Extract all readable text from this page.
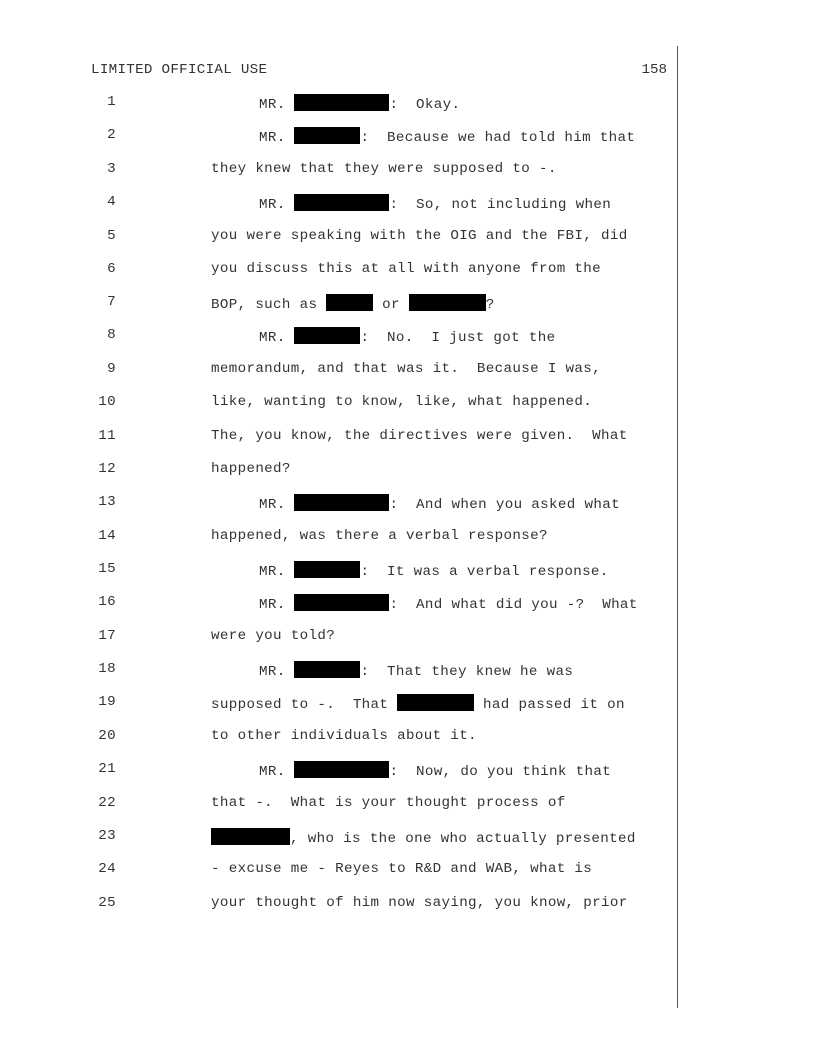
LIMITED OFFICIAL USE	158
1	MR.	:  Okay.
2	MR.	:  Because we had told him that
3	they knew that they were supposed to -.
4	MR.	:  So, not including when
5	you were speaking with the OIG and the FBI, did
6	you discuss this at all with anyone from the
7	BOP, such as	or	?
8	MR.	:  No.  I just got the
9	memorandum, and that was it.  Because I was,
10	like, wanting to know, like, what happened.
11	The, you know, the directives were given.  What
12	happened?
13	MR.	:  And when you asked what
14	happened, was there a verbal response?
15	MR.	:  It was a verbal response.
16	MR.	:  And what did you -?  What
17	were you told?
18	MR.	:  That they knew he was
19	supposed to -.  That	had passed it on
20	to other individuals about it.
21	MR.	:  Now, do you think that
22	that -.  What is your thought process of
23	, who is the one who actually presented
24	- excuse me - Reyes to R&D and WAB, what is
25	your thought of him now saying, you know, prior
